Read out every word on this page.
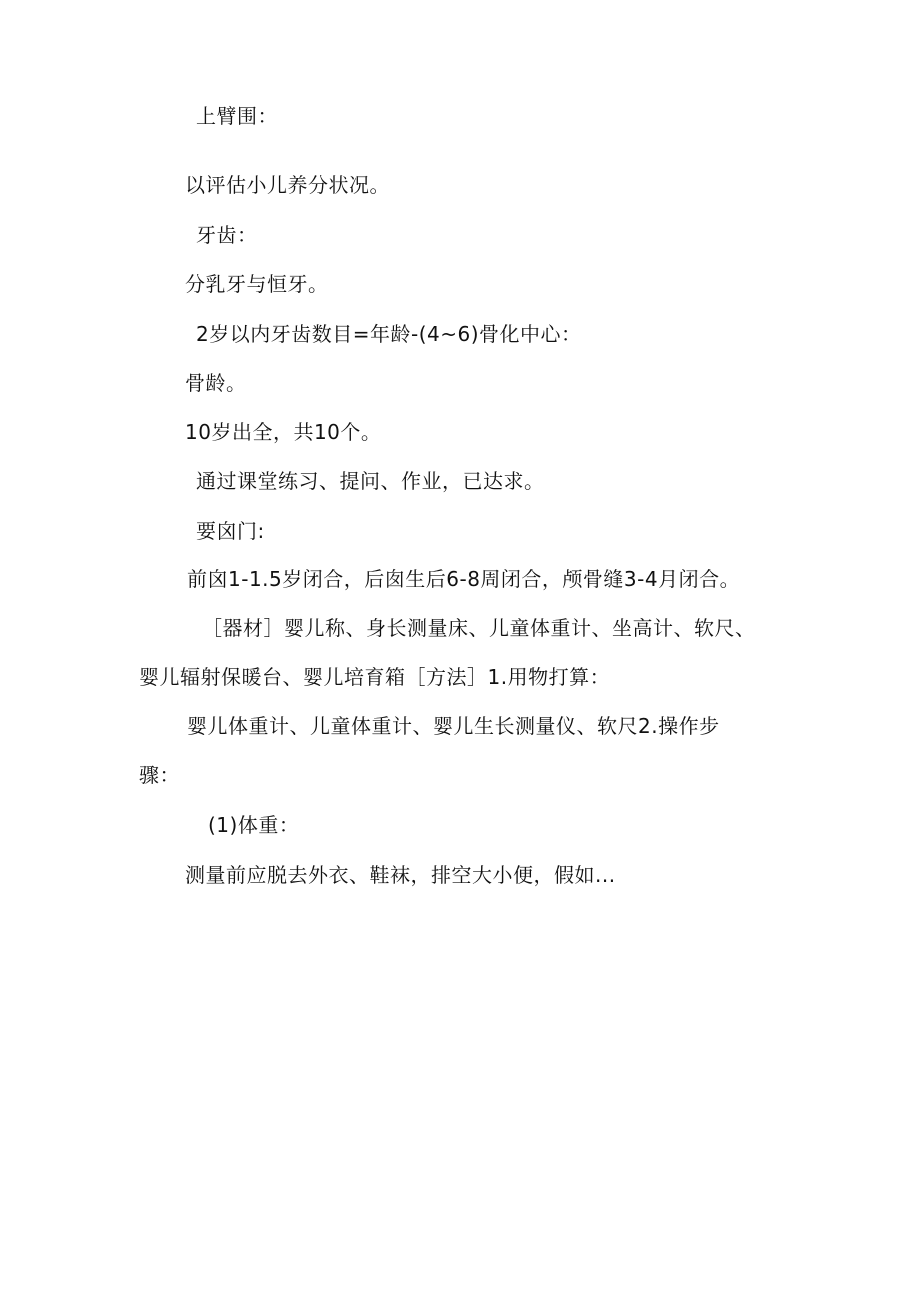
上臂围：
以评估小儿养分状况。
牙齿：
分乳牙与恒牙。
2岁以内牙齿数目=年龄-(4~6)骨化中心：
骨龄。
10岁出全，共10个。
通过课堂练习、提问、作业，已达求。
要囟门:
前囟1-1.5岁闭合，后囱生后6-8周闭合，颅骨缝3-4月闭合。
［器材］婴儿称、身长测量床、儿童体重计、坐高计、软尺、
婴儿辐射保暖台、婴儿培育箱［方法］1.用物打算：
婴儿体重计、儿童体重计、婴儿生长测量仪、软尺2.操作步
骤：
(1)体重：
测量前应脱去外衣、鞋袜，排空大小便，假如...
